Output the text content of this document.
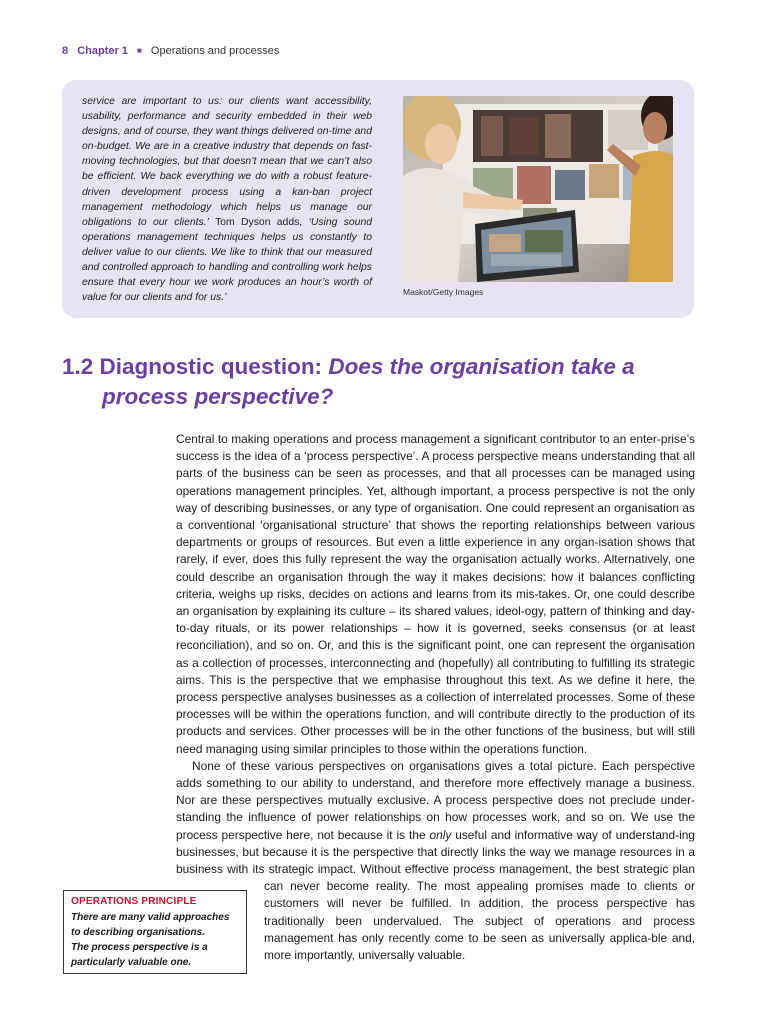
8 Chapter 1 ■ Operations and processes
service are important to us: our clients want accessibility, usability, performance and security embedded in their web designs, and of course, they want things delivered on-time and on-budget. We are in a creative industry that depends on fast-moving technologies, but that doesn’t mean that we can’t also be efficient. We back everything we do with a robust feature-driven development process using a kan-ban project management methodology which helps us manage our obligations to our clients.’ Tom Dyson adds, ‘Using sound operations management techniques helps us constantly to deliver value to our clients. We like to think that our measured and controlled approach to handling and controlling work helps ensure that every hour we work produces an hour’s worth of value for our clients and for us.’
Maskot/Getty Images
1.2 Diagnostic question: Does the organisation take a
process perspective?

Central to making operations and process management a significant contributor to an enter-prise’s success is the idea of a ‘process perspective’. A process perspective means understanding that all parts of the business can be seen as processes, and that all processes can be managed using operations management principles. Yet, although important, a process perspective is not the only way of describing businesses, or any type of organisation. One could represent an organisation as a conventional ‘organisational structure’ that shows the reporting relationships between various departments or groups of resources. But even a little experience in any organ-isation shows that rarely, if ever, does this fully represent the way the organisation actually works. Alternatively, one could describe an organisation through the way it makes decisions: how it balances conflicting criteria, weighs up risks, decides on actions and learns from its mis-takes. Or, one could describe an organisation by explaining its culture – its shared values, ideol-ogy, pattern of thinking and day-to-day rituals, or its power relationships – how it is governed, seeks consensus (or at least reconciliation), and so on. Or, and this is the significant point, one can represent the organisation as a collection of processes, interconnecting and (hopefully) all contributing to fulfilling its strategic aims. This is the perspective that we emphasise throughout this text. As we define it here, the process perspective analyses businesses as a collection of interrelated processes. Some of these processes will be within the operations function, and will contribute directly to the production of its products and services. Other processes will be in the other functions of the business, but will still need managing using similar principles to those within the operations function.

None of these various perspectives on organisations gives a total picture. Each perspective adds something to our ability to understand, and therefore more effectively manage a business. Nor are these perspectives mutually exclusive. A process perspective does not preclude under-standing the influence of power relationships on how processes work, and so on. We use the process perspective here, not because it is the only useful and informative way of understand-ing businesses, but because it is the perspective that directly links the way we manage resources in a business with its strategic impact. Without effective process management, the best strategic plan can never become reality. The most appealing promises made to clients or customers will never be fulfilled. In addition, the process perspective has traditionally been undervalued. The subject of operations and process management has only recently come to be seen as universally applica-ble and, more importantly, universally valuable.

OPERATIONS PRINCIPLE
There are many valid approaches
to describing organisations.
The process perspective is a
particularly valuable one.
